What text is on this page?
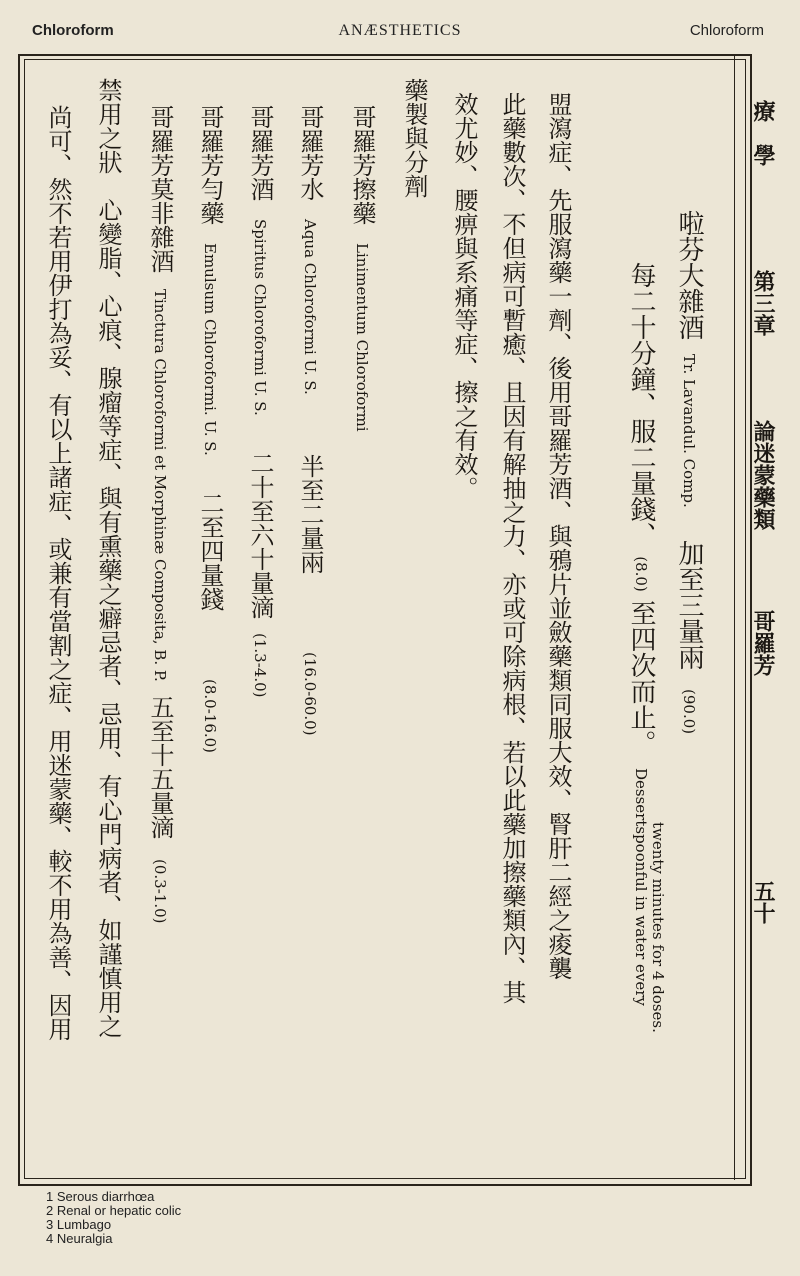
Chloroform	ANÆSTHETICS	Chloroform
療　學
第三章
論迷蒙藥類
哥羅芳
五十
啦芬大雜酒 Tr. Lavandul. Comp. 加至三量兩 (90.0)
每二十分鐘、服二量錢、 (8.0) 至四次而止。 Dessertspoonful in water every twenty minutes for 4 doses.
盟瀉症、先服瀉藥一劑、後用哥羅芳酒、與鴉片並斂藥類同服大效、腎肝二經之痠襲
此藥數次、不但病可暫癒、且因有解抽之力、亦或可除病根、若以此藥加擦藥類內、其
效尤妙、腰痹與系痛等症、擦之有效。
藥製與分劑
哥羅芳擦藥 Linimentum Chloroformi
哥羅芳水 Aqua Chloroformi U. S. 半至二量兩 (16.0-60.0)
哥羅芳酒 Spiritus Chloroformi U. S. 二十至六十量滴 (1.3-4.0)
哥羅芳勻藥 Emulsum Chloroformi. U. S. 二至四量錢 (8.0-16.0)
哥羅芳莫非雜酒 Tinctura Chloroformi et Morphinæ Composita, B. P. 五至十五量滴 (0.3-1.0)
禁用之狀　心變脂、心痕、腺瘤等症、與有熏藥之癖忌者、忌用、有心門病者、如謹慎用之
尚可、然不若用伊打為妥、有以上諸症、或兼有當割之症、用迷蒙藥、較不用為善、因用
1 Serous diarrhœa
2 Renal or hepatic colic
3 Lumbago
4 Neuralgia
